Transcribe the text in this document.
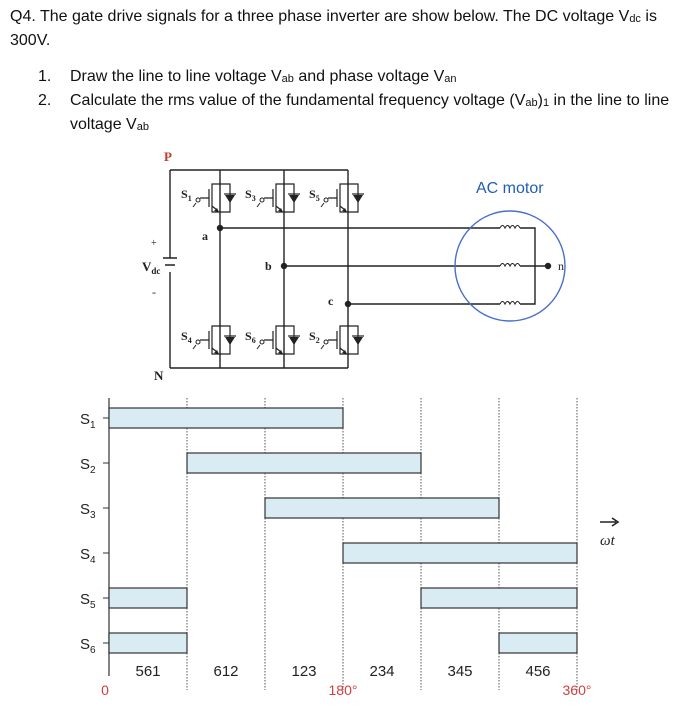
Q4. The gate drive signals for a three phase inverter are show below. The DC voltage Vdc is 300V.
1. Draw the line to line voltage Vab and phase voltage Van
2. Calculate the rms value of the fundamental frequency voltage (Vab)1 in the line to line voltage Vab
P
N
$V_{dc}$
+
-
a
b
c
n
$S_1$	$S_3$	$S_5$
$S_4$	$S_6$	$S_2$
AC motor
$S_1$
$S_2$
$S_3$
$S_4$
$S_5$
$S_6$
561	612	123	234	345	456
0	180°	360°
ωt
